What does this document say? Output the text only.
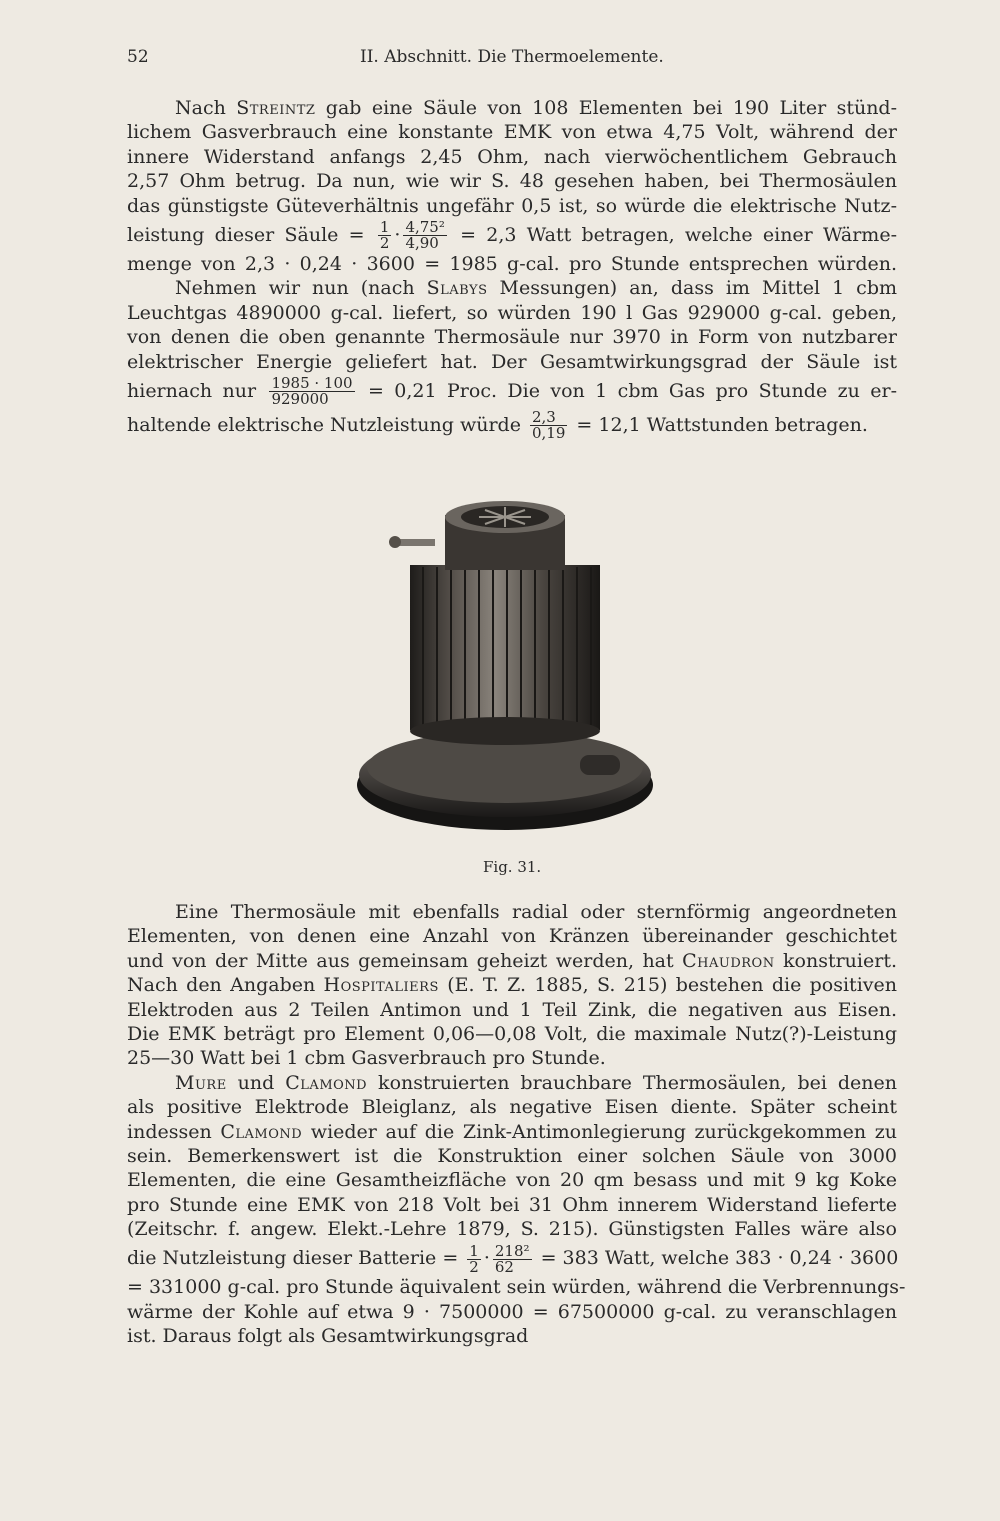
52	II. Abschnitt. Die Thermoelemente.
Nach Streintz gab eine Säule von 108 Elementen bei 190 Liter stünd-
lichem Gasverbrauch eine konstante EMK von etwa 4,75 Volt, während der
innere Widerstand anfangs 2,45 Ohm, nach vierwöchentlichem Gebrauch
2,57 Ohm betrug. Da nun, wie wir S. 48 gesehen haben, bei Thermosäulen
das günstigste Güteverhältnis ungefähr 0,5 ist, so würde die elektrische Nutz-
leistung dieser Säule = $\frac{1}{2} \cdot \frac{\text{4,75²}}{4,90} = 2,3$ Watt betragen, welche einer Wärme-
menge von 2,3 · 0,24 · 3600 = 1985 g-cal. pro Stunde entsprechen würden.
Nehmen wir nun (nach Slabys Messungen) an, dass im Mittel 1 cbm
Leuchtgas 4890000 g-cal. liefert, so würden 190 l Gas 929000 g-cal. geben,
von denen die oben genannte Thermosäule nur 3970 in Form von nutzbarer
elektrischer Energie geliefert hat. Der Gesamtwirkungsgrad der Säule ist
hiernach nur $\frac{1985 \cdot 100}{929000} = 0,21$ Proc. Die von 1 cbm Gas pro Stunde zu er-
haltende elektrische Nutzleistung würde $\frac{2,3}{0,19} = 12,1$ Wattstunden betragen.
Fig. 31.
Eine Thermosäule mit ebenfalls radial oder sternförmig angeordneten
Elementen, von denen eine Anzahl von Kränzen übereinander geschichtet
und von der Mitte aus gemeinsam geheizt werden, hat Chaudron konstruiert.
Nach den Angaben Hospitaliers (E. T. Z. 1885, S. 215) bestehen die positiven
Elektroden aus 2 Teilen Antimon und 1 Teil Zink, die negativen aus Eisen.
Die EMK beträgt pro Element 0,06—0,08 Volt, die maximale Nutz(?)-Leistung
25—30 Watt bei 1 cbm Gasverbrauch pro Stunde.
Mure und Clamond konstruierten brauchbare Thermosäulen, bei denen
als positive Elektrode Bleiglanz, als negative Eisen diente. Später scheint
indessen Clamond wieder auf die Zink-Antimonlegierung zurückgekommen zu
sein. Bemerkenswert ist die Konstruktion einer solchen Säule von 3000
Elementen, die eine Gesamtheizfläche von 20 qm besass und mit 9 kg Koke
pro Stunde eine EMK von 218 Volt bei 31 Ohm innerem Widerstand lieferte
(Zeitschr. f. angew. Elekt.-Lehre 1879, S. 215). Günstigsten Falles wäre also
die Nutzleistung dieser Batterie = $\frac{1}{2} \cdot \frac{\text{218²}}{62} = 383$ Watt, welche 383 · 0,24 · 3600
= 331000 g-cal. pro Stunde äquivalent sein würden, während die Verbrennungs-
wärme der Kohle auf etwa 9 · 7500000 = 67500000 g-cal. zu veranschlagen
ist. Daraus folgt als Gesamtwirkungsgrad
